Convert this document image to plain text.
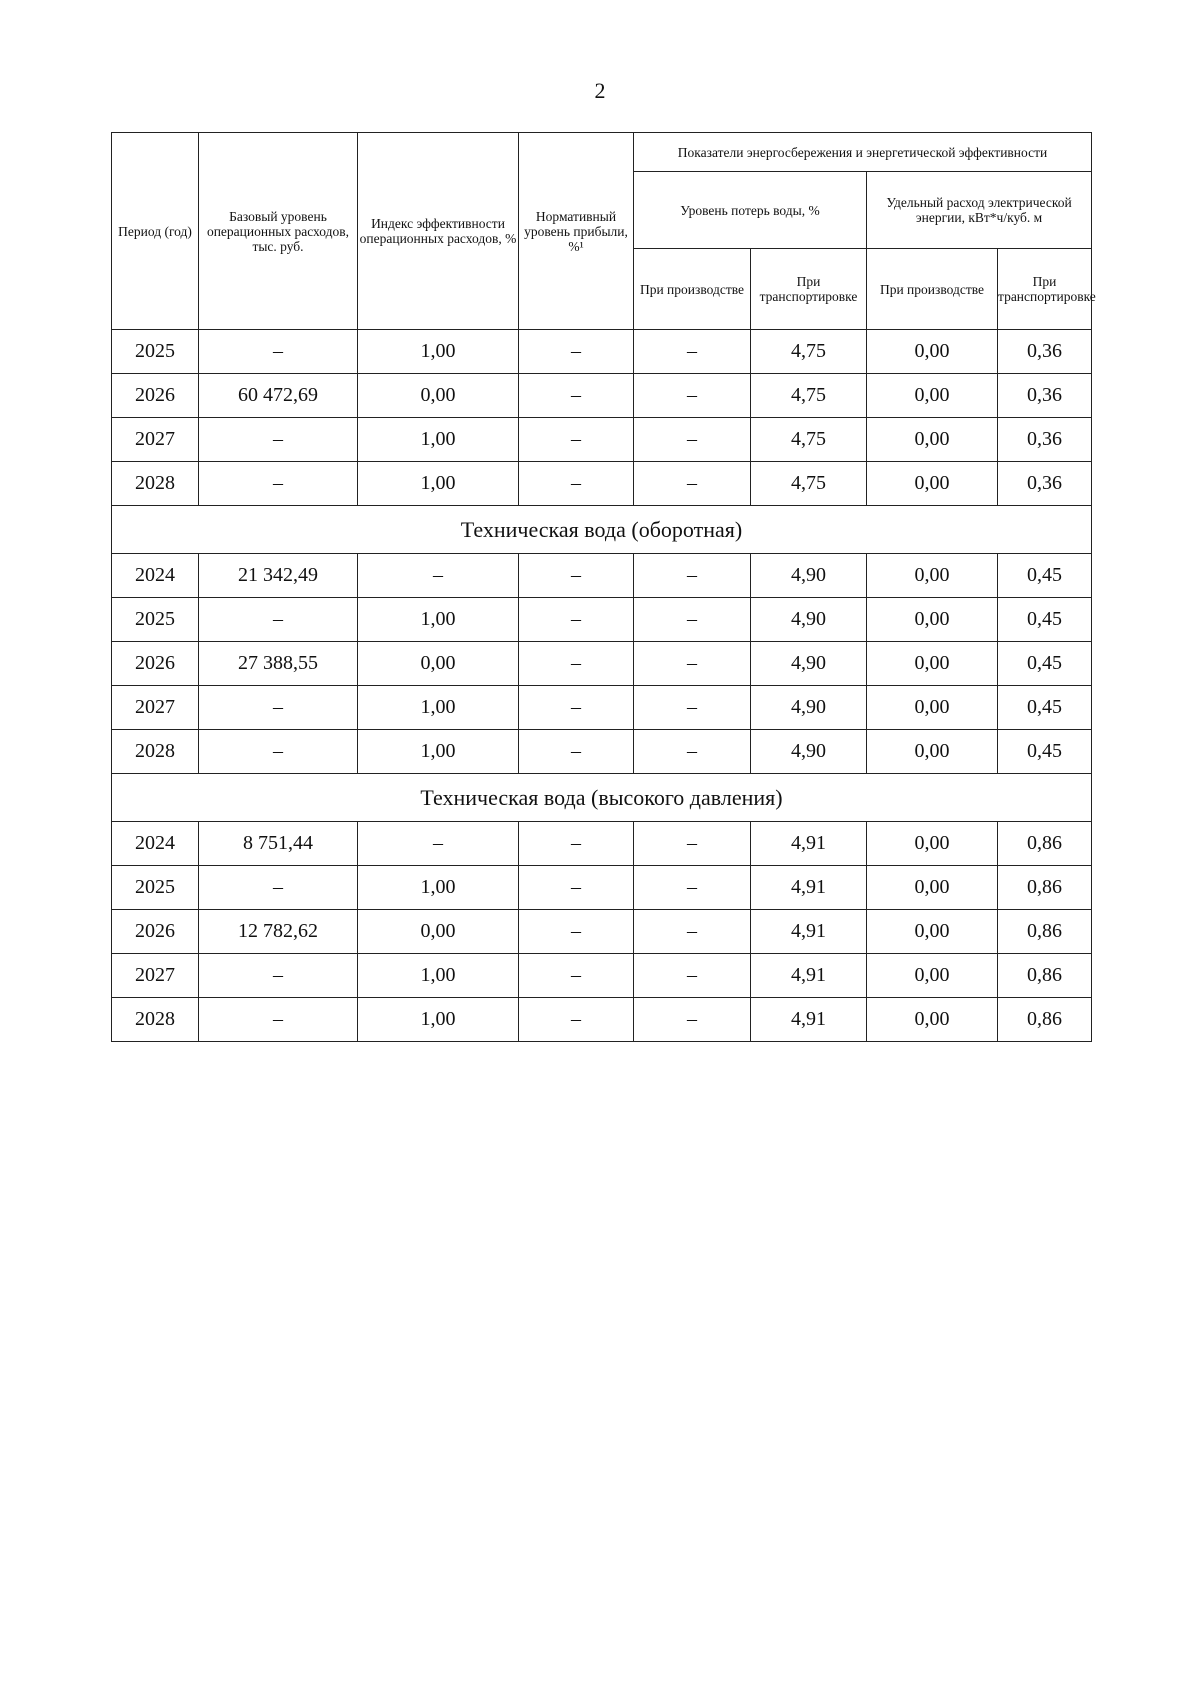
2
Период (год)	Базовый уровень операционных расходов, тыс. руб.	Индекс эффективности операционных расходов, %	Нормативный уровень прибыли, %¹	Показатели энергосбережения и энергетической эффективности			
				Уровень потерь воды, %		Удельный расход электрической энергии, кВт*ч/куб. м	
				При производстве	При транспортировке	При производстве	При транспортировке
2025	–	1,00	–	–	4,75	0,00	0,36
2026	60 472,69	0,00	–	–	4,75	0,00	0,36
2027	–	1,00	–	–	4,75	0,00	0,36
2028	–	1,00	–	–	4,75	0,00	0,36
Техническая вода (оборотная)							
2024	21 342,49	–	–	–	4,90	0,00	0,45
2025	–	1,00	–	–	4,90	0,00	0,45
2026	27 388,55	0,00	–	–	4,90	0,00	0,45
2027	–	1,00	–	–	4,90	0,00	0,45
2028	–	1,00	–	–	4,90	0,00	0,45
Техническая вода (высокого давления)							
2024	8 751,44	–	–	–	4,91	0,00	0,86
2025	–	1,00	–	–	4,91	0,00	0,86
2026	12 782,62	0,00	–	–	4,91	0,00	0,86
2027	–	1,00	–	–	4,91	0,00	0,86
2028	–	1,00	–	–	4,91	0,00	0,86
